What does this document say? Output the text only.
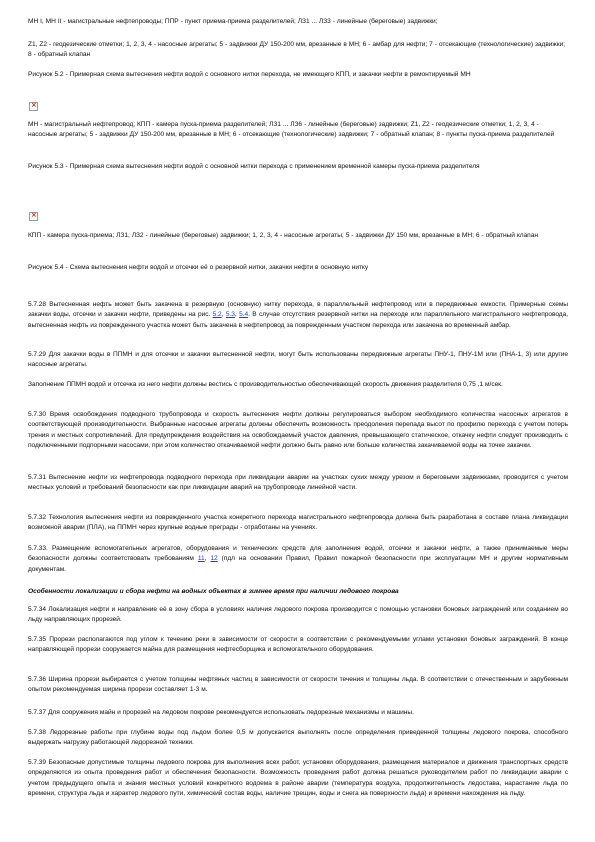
МН I, МН II - магистральные нефтепроводы; ППР - пункт приема-приема разделителей; ЛЗ1 ... ЛЗ3 - линейные (береговые) задвижки;
Z1, Z2 - геодезические отметки; 1, 2, 3, 4 - насосные агрегаты; 5 - задвижки ДУ 150-200 мм, врезанные в МН; 6 - амбар для нефти; 7 - отсекающие (технологические) задвижки; 8 - обратный клапан
Рисунок 5.2 - Примерная схема вытеснения нефти водой с основного нитки перехода, не имеющего КПП, и закачки нефти в ремонтируемый МН
×
МН - магистральный нефтепровод; КПП - камера пуска-приема разделителей; ЛЗ1 ... ЛЗ6 - линейные (береговые) задвижки; Z1, Z2 - геодезические отметки; 1, 2, 3, 4 - насосные агрегаты; 5 - задвижки ДУ 150-200 мм, врезанные в МН; 6 - отсекающие (технологические) задвижки; 7 - обратный клапан; 8 - пункты пуска-приема разделителей
Рисунок 5.3 - Примерная схема вытеснения нефти водой с основной нитки перехода с применением временной камеры пуска-приема разделителя
×
КПП - камера пуска-приема; ЛЗ1, ЛЗ2 - линейные (береговые) задвижки; 1, 2, 3, 4 - насосные агрегаты; 5 - задвижки ДУ 150 мм, врезанные в МН; 6 - обратный клапан
Рисунок 5.4 - Схема вытеснения нефти водой и отсечки её о резервной нитки, закачки нефти в основную нитку
5.7.28 Вытесненная нефть может быть закачена в резервную (основную) нитку перехода, в параллельный нефтепровод или в передвижные емкости. Примерные схемы закачки воды, отсечки и закачки нефти, приведены на рис. 5.2, 5.3, 5.4. В случае отсутствия резервной нитки на переходе или параллельного магистрального нефтепровода, вытесненная нефть из поврежденного участка может быть закачена в нефтепровод за поврежденным участком перехода или закачена во временный амбар.
5.7.29 Для закачки воды в ППМН и для отсечки и закачки вытесненной нефти, могут быть использованы передвижные агрегаты ПНУ-1, ПНУ-1М или (ПНА-1, 3) или другие насосные агрегаты.
Заполнение ППМН водой и отсечка из него нефти должны вестись с производительностью обеспечивающей скорость движения разделителя 0,75 ,1 м/сек.
5.7.30 Время освобождения подводного трубопровода и скорость вытеснения нефти должны регулироваться выбором необходимого количества насосных агрегатов в соответствующей производительности. Выбранные насосные агрегаты должны обеспечить возможность преодоления перепада высот по профилю перехода с учетом потерь трения и местных сопротивлений. Для предупреждения воздействия на освобождаемый участок давления, превышающего статическое, откачку нефти следует производить с подключенными подпорными насосами, при этом количество откачиваемой нефти должно быть равно или больше количества закачиваемой воды на точке закачки.
5.7.31 Вытеснение нефти из нефтепровода подводного перехода при ликвидации аварии на участках сухих между урезом и береговыми задвижками, проводится с учетом местных условий и требований безопасности как при ликвидации аварий на трубопроводе линейной части.
5.7.32 Технология вытеснения нефти из поврежденного участка конкретного перехода магистрального нефтепровода должна быть разработана в составе плана ликвидации возможной аварии (ПЛА), на ППМН через крупные водные преграды - отработаны на учениях.
5.7.33. Размещение вспомогательных агрегатов, оборудования и технических средств для заполнения водой, отсечки и закачки нефти, а также принимаемые меры безопасности должны соответствовать требованиям 11, 12 (пдл на основании Правил, Правил пожарной безопасности при эксплуатации МН и другим нормативным документам.
Особенности локализации и сбора нефти на водных объектах в зимнее время при наличии ледового покрова
5.7.34 Локализация нефти и направление её в зону сбора в условиях наличия ледового покрова производится с помощью установки боновых заграждений или созданием во льду направляющих прорезей.
5.7.35 Прорези располагаются под углом к течению реки в зависимости от скорости в соответствии с рекомендуемыми углами установки боновых заграждений. В конце направляющей прорези сооружается майна для размещения нефтесборщика и вспомогательного оборудования.
5.7.36 Ширина прорези выбирается с учетом толщины нефтяных частиц в зависимости от скорости течения и толщины льда. В соответствии с отечественным и зарубежным опытом рекомендуемая ширина прорези составляет 1-3 м.
5.7.37 Для сооружения майн и прорезей на ледовом покрове рекомендуется использовать ледорезные механизмы и машины.
5.7.38 Ледорезные работы при глубине воды под льдом более 0,5 м допускается выполнять после определения приведенной толщины ледового покрова, способного выдержать нагрузку работающей ледорезной техники.
5.7.39 Безопасные допустимые толщины ледового покрова для выполнения всех работ, установки оборудования, размещения материалов и движения транспортных средств определяются из опыта проведения работ и обеспечения безопасности. Возможность проведения работ должна решаться руководителем работ по ликвидации аварии с учетом предыдущего опыта и знания местных условий конкретного водоема в районе аварии (температура воздуха, продолжительность ледостава, нарастание льда по времени, структура льда и характер ледового пути, химический состав воды, наличие трещин, воды и снега на поверхности льда) и времени нахождения на льду.
